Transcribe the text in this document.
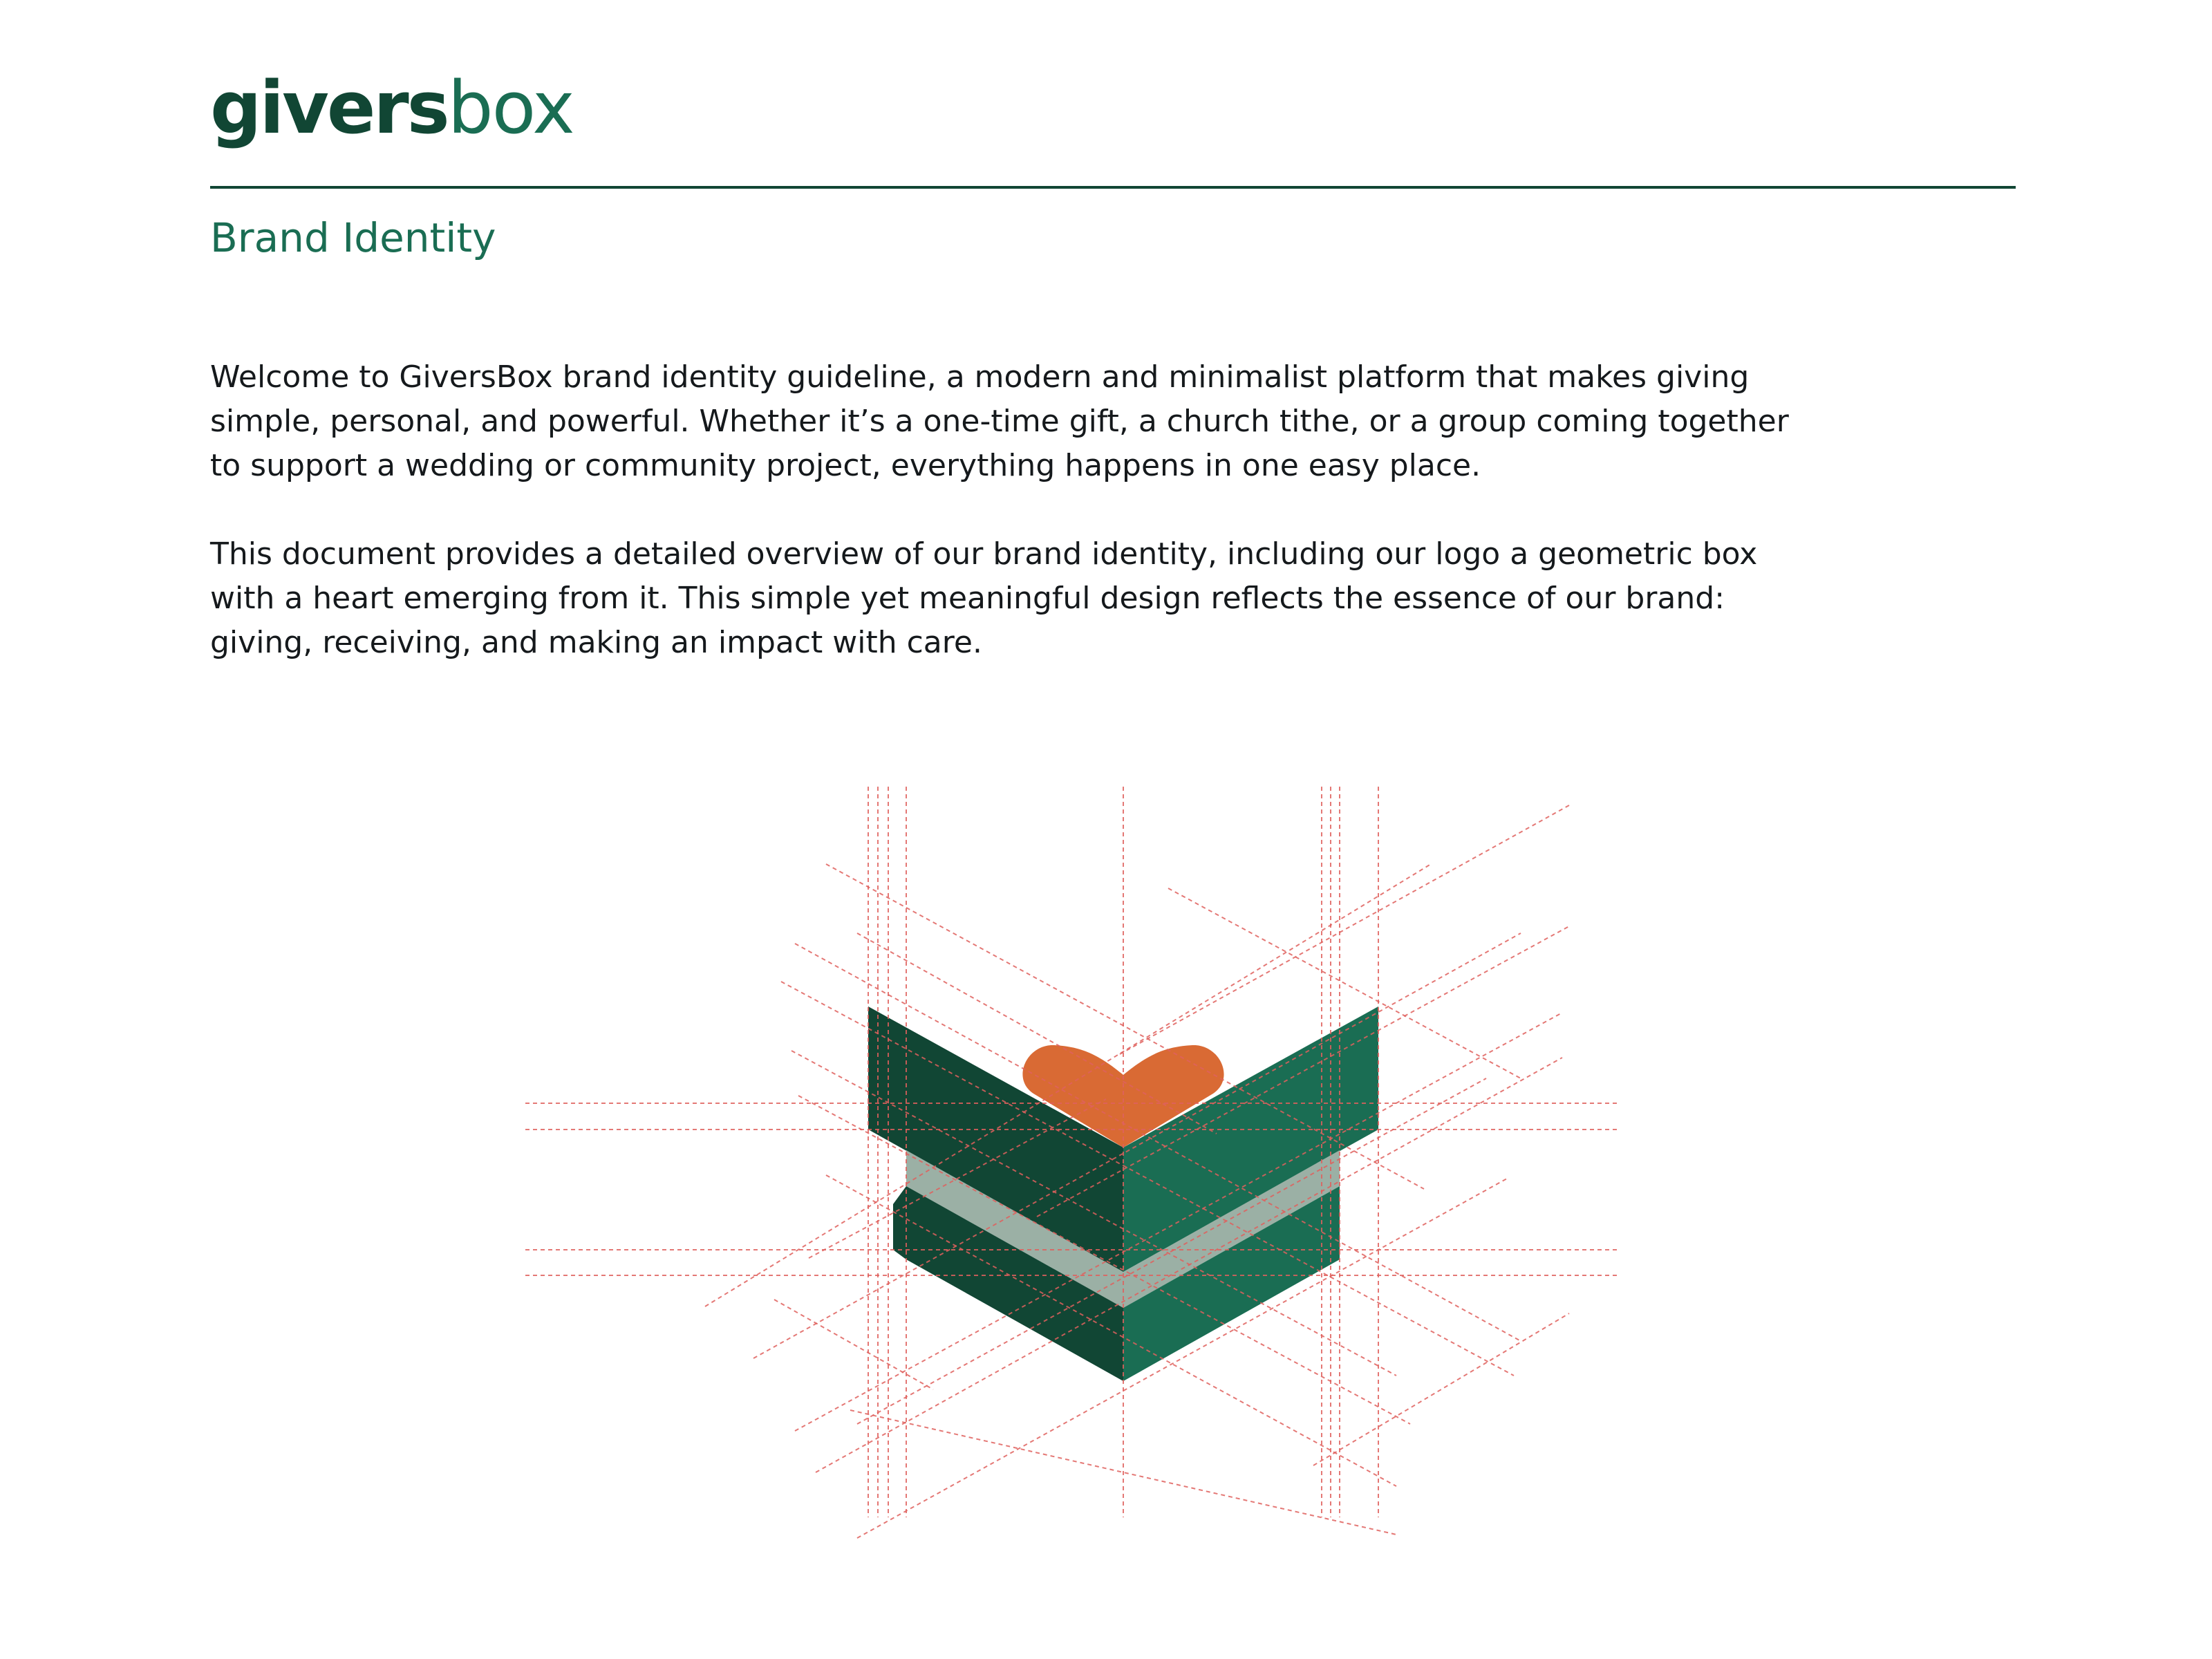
giversbox
Brand Identity

Welcome to GiversBox brand identity guideline, a modern and minimalist platform that makes giving
simple, personal, and powerful. Whether it’s a one-time gift, a church tithe, or a group coming together
to support a wedding or community project, everything happens in one easy place.

This document provides a detailed overview of our brand identity, including our logo a geometric box
with a heart emerging from it. This simple yet meaningful design reflects the essence of our brand:
giving, receiving, and making an impact with care.
